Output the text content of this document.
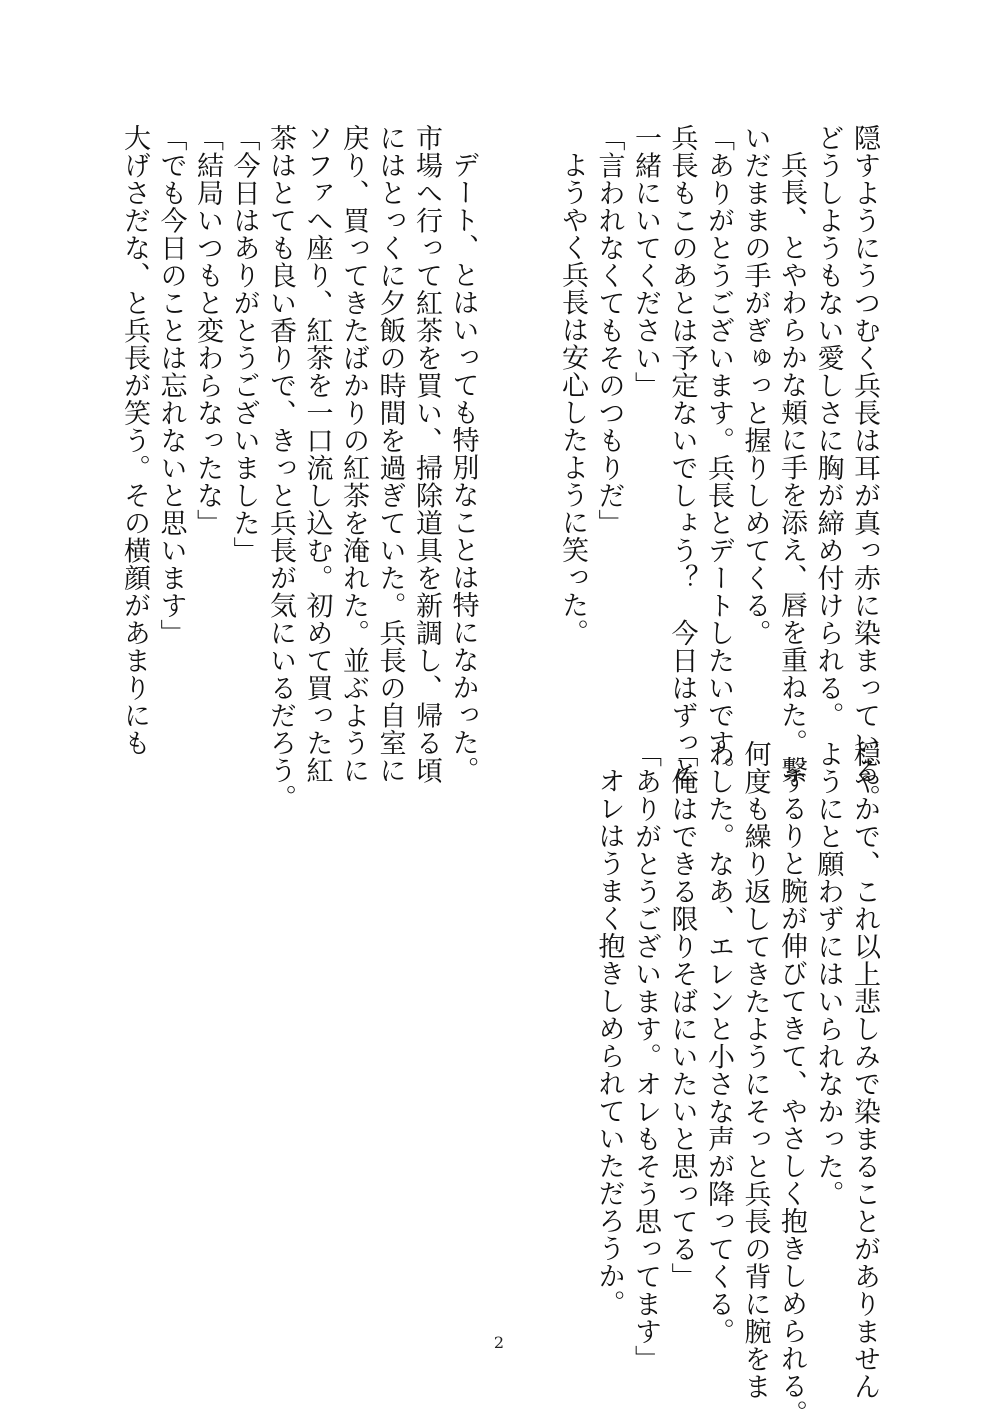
隠すようにうつむく兵長は耳が真っ赤に染まっている。
どうしようもない愛しさに胸が締め付けられる。
兵長、とやわらかな頬に手を添え、唇を重ねた。繋
いだままの手がぎゅっと握りしめてくる。
「ありがとうございます。兵長とデートしたいです。
兵長もこのあとは予定ないでしょう？　今日はずっと
一緒にいてください」
「言われなくてもそのつもりだ」
ようやく兵長は安心したように笑った。
デート、とはいっても特別なことは特になかった。
市場へ行って紅茶を買い、掃除道具を新調し、帰る頃
にはとっくに夕飯の時間を過ぎていた。兵長の自室に
戻り、買ってきたばかりの紅茶を淹れた。並ぶように
ソファへ座り、紅茶を一口流し込む。初めて買った紅
茶はとても良い香りで、きっと兵長が気にいるだろう。
「今日はありがとうございました」
「結局いつもと変わらなったな」
「でも今日のことは忘れないと思います」
大げさだな、と兵長が笑う。その横顔があまりにも
穏やかで、これ以上悲しみで染まることがありません
ようにと願わずにはいられなかった。
するりと腕が伸びてきて、やさしく抱きしめられる。
何度も繰り返してきたようにそっと兵長の背に腕をま
わした。なあ、エレンと小さな声が降ってくる。
「俺はできる限りそばにいたいと思ってる」
「ありがとうございます。オレもそう思ってます」
オレはうまく抱きしめられていただろうか。
2
